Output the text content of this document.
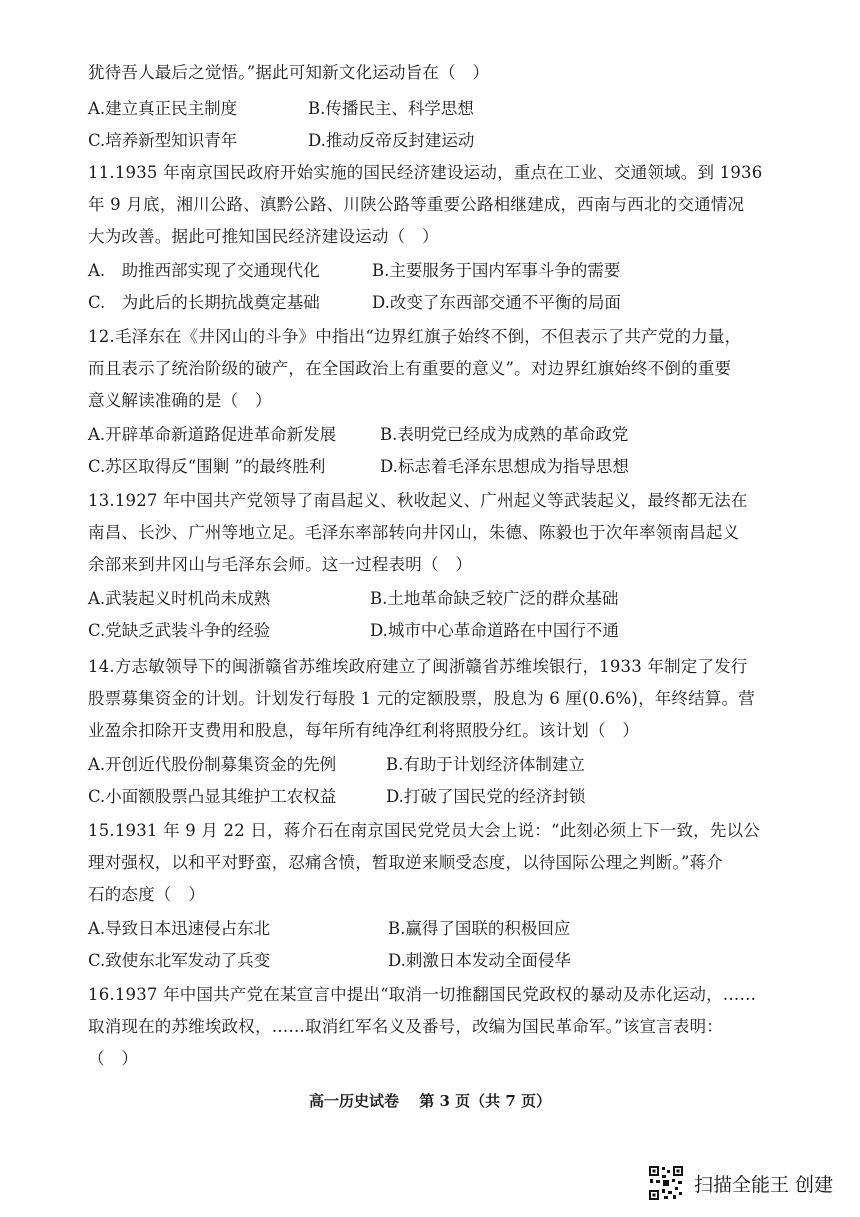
犹待吾人最后之觉悟。”据此可知新文化运动旨在（　）
A.建立真正民主制度	B.传播民主、科学思想
C.培养新型知识青年	D.推动反帝反封建运动
11.1935 年南京国民政府开始实施的国民经济建设运动，重点在工业、交通领域。到 1936
年 9 月底，湘川公路、滇黔公路、川陕公路等重要公路相继建成，西南与西北的交通情况
大为改善。据此可推知国民经济建设运动（　）
A.　助推西部实现了交通现代化	B.主要服务于国内军事斗争的需要
C.　为此后的长期抗战奠定基础	D.改变了东西部交通不平衡的局面
12.毛泽东在《井冈山的斗争》中指出“边界红旗子始终不倒，不但表示了共产党的力量，
而且表示了统治阶级的破产，在全国政治上有重要的意义”。对边界红旗始终不倒的重要
意义解读准确的是（　）
A.开辟革命新道路促进革命新发展	B.表明党已经成为成熟的革命政党
C.苏区取得反“围剿 ”的最终胜利	D.标志着毛泽东思想成为指导思想
13.1927 年中国共产党领导了南昌起义、秋收起义、广州起义等武装起义，最终都无法在
南昌、长沙、广州等地立足。毛泽东率部转向井冈山，朱德、陈毅也于次年率领南昌起义
余部来到井冈山与毛泽东会师。这一过程表明（　）
A.武装起义时机尚未成熟	B.土地革命缺乏较广泛的群众基础
C.党缺乏武装斗争的经验	D.城市中心革命道路在中国行不通
14.方志敏领导下的闽浙赣省苏维埃政府建立了闽浙赣省苏维埃银行，1933 年制定了发行
股票募集资金的计划。计划发行每股 1 元的定额股票，股息为 6 厘(0.6%)，年终结算。营
业盈余扣除开支费用和股息，每年所有纯净红利将照股分红。该计划（　）
A.开创近代股份制募集资金的先例	B.有助于计划经济体制建立
C.小面额股票凸显其维护工农权益	D.打破了国民党的经济封锁
15.1931 年 9 月 22 日，蒋介石在南京国民党党员大会上说：“此刻必须上下一致，先以公
理对强权，以和平对野蛮，忍痛含愤，暂取逆来顺受态度，以待国际公理之判断。”蒋介
石的态度（　）
A.导致日本迅速侵占东北	B.赢得了国联的积极回应
C.致使东北军发动了兵变	D.刺激日本发动全面侵华
16.1937 年中国共产党在某宣言中提出“取消一切推翻国民党政权的暴动及赤化运动，……
取消现在的苏维埃政权，……取消红军名义及番号，改编为国民革命军。”该宣言表明：
（　）
高一历史试卷　 第 3 页（共 7 页）
扫描全能王 创建
